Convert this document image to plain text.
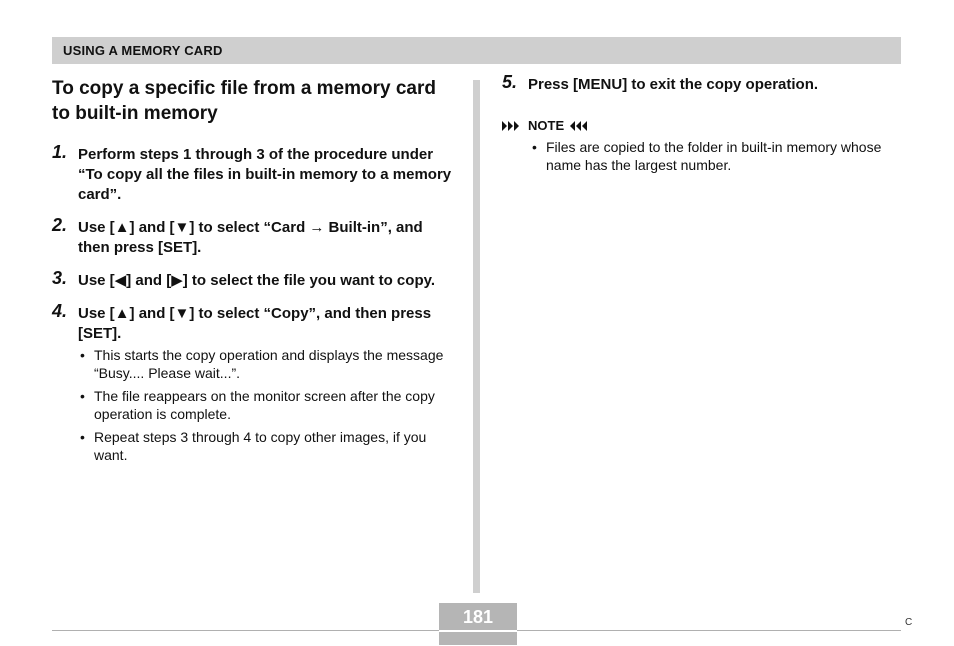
USING A MEMORY CARD
To copy a specific file from a memory card to built-in memory
1. Perform steps 1 through 3 of the procedure under “To copy all the files in built-in memory to a memory card”.
2. Use [▲] and [▼] to select “Card → Built-in”, and then press [SET].
3. Use [◀] and [▶] to select the file you want to copy.
4. Use [▲] and [▼] to select “Copy”, and then press [SET].
• This starts the copy operation and displays the message “Busy.... Please wait...”.
• The file reappears on the monitor screen after the copy operation is complete.
• Repeat steps 3 through 4 to copy other images, if you want.
5. Press [MENU] to exit the copy operation.
NOTE
• Files are copied to the folder in built-in memory whose name has the largest number.
181	C
